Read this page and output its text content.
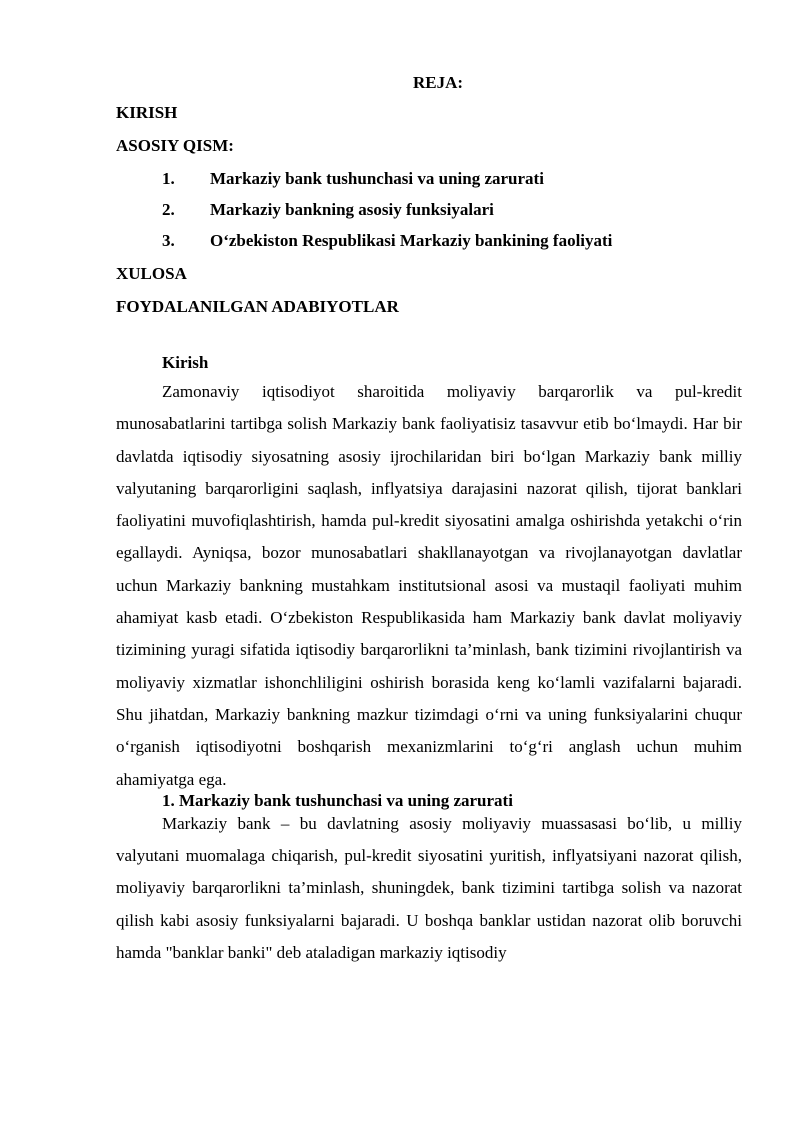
REJA:
KIRISH
ASOSIY QISM:
1.	Markaziy bank tushunchasi va uning zarurati
2.	Markaziy bankning asosiy funksiyalari
3.	O‘zbekiston Respublikasi Markaziy bankining faoliyati
XULOSA
FOYDALANILGAN ADABIYOTLAR
Kirish

Zamonaviy iqtisodiyot sharoitida moliyaviy barqarorlik va pul-kredit munosabatlarini tartibga solish Markaziy bank faoliyatisiz tasavvur etib bo‘lmaydi. Har bir davlatda iqtisodiy siyosatning asosiy ijrochilaridan biri bo‘lgan Markaziy bank milliy valyutaning barqarorligini saqlash, inflyatsiya darajasini nazorat qilish, tijorat banklari faoliyatini muvofiqlashtirish, hamda pul-kredit siyosatini amalga oshirishda yetakchi o‘rin egallaydi. Ayniqsa, bozor munosabatlari shakllanayotgan va rivojlanayotgan davlatlar uchun Markaziy bankning mustahkam institutsional asosi va mustaqil faoliyati muhim ahamiyat kasb etadi. O‘zbekiston Respublikasida ham Markaziy bank davlat moliyaviy tizimining yuragi sifatida iqtisodiy barqarorlikni ta’minlash, bank tizimini rivojlantirish va moliyaviy xizmatlar ishonchliligini oshirish borasida keng ko‘lamli vazifalarni bajaradi. Shu jihatdan, Markaziy bankning mazkur tizimdagi o‘rni va uning funksiyalarini chuqur o‘rganish iqtisodiyotni boshqarish mexanizmlarini to‘g‘ri anglash uchun muhim ahamiyatga ega.

1. Markaziy bank tushunchasi va uning zarurati

Markaziy bank – bu davlatning asosiy moliyaviy muassasasi bo‘lib, u milliy valyutani muomalaga chiqarish, pul-kredit siyosatini yuritish, inflyatsiyani nazorat qilish, moliyaviy barqarorlikni ta’minlash, shuningdek, bank tizimini tartibga solish va nazorat qilish kabi asosiy funksiyalarni bajaradi. U boshqa banklar ustidan nazorat olib boruvchi hamda "banklar banki" deb ataladigan markaziy iqtisodiy
